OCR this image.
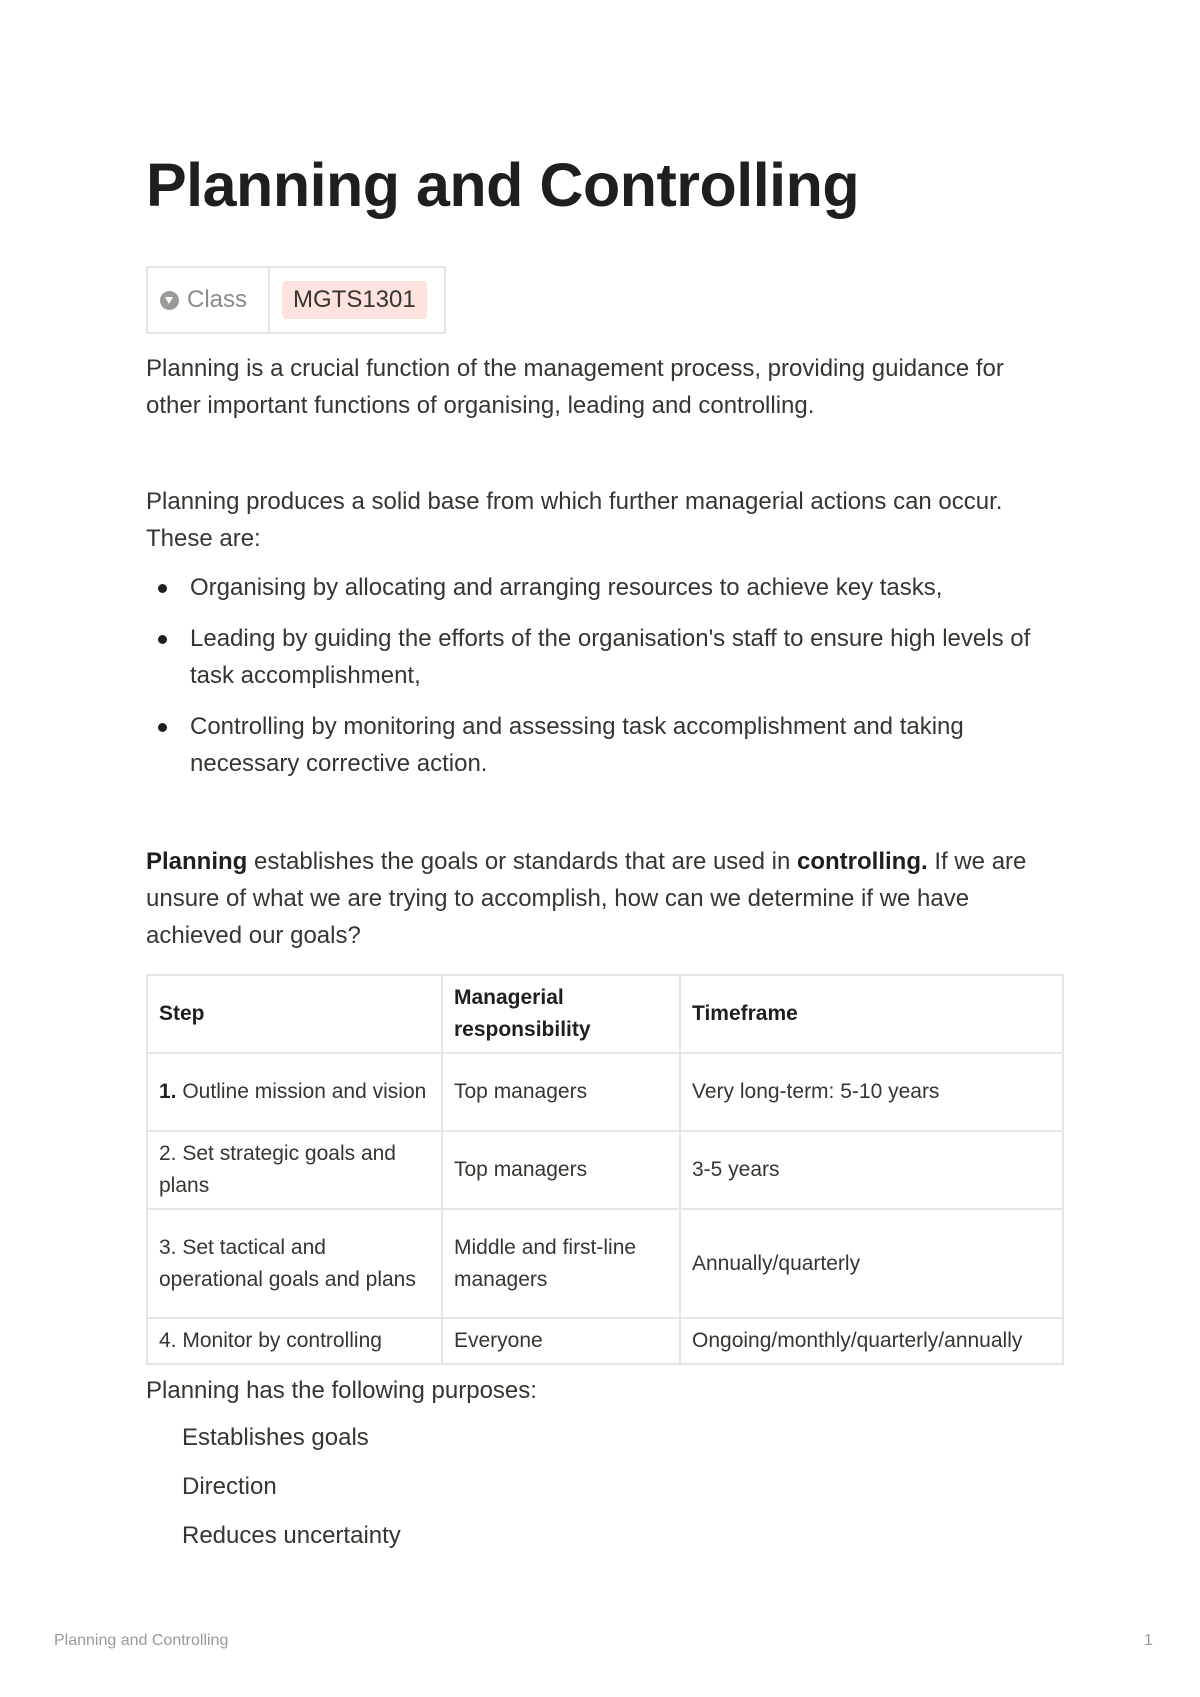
Planning and Controlling
Class	MGTS1301

Planning is a crucial function of the management process, providing guidance for other important functions of organising, leading and controlling.

Planning produces a solid base from which further managerial actions can occur. These are:

Organising by allocating and arranging resources to achieve key tasks,
Leading by guiding the efforts of the organisation's staff to ensure high levels of task accomplishment,
Controlling by monitoring and assessing task accomplishment and taking necessary corrective action.

Planning establishes the goals or standards that are used in controlling. If we are unsure of what we are trying to accomplish, how can we determine if we have achieved our goals?

Step	Managerial responsibility	Timeframe
1. Outline mission and vision	Top managers	Very long-term: 5-10 years
2. Set strategic goals and plans	Top managers	3-5 years
3. Set tactical and operational goals and plans	Middle and first-line managers	Annually/quarterly
4. Monitor by controlling	Everyone	Ongoing/monthly/quarterly/annually

Planning has the following purposes:

Establishes goals
Direction
Reduces uncertainty
Planning and Controlling	1
